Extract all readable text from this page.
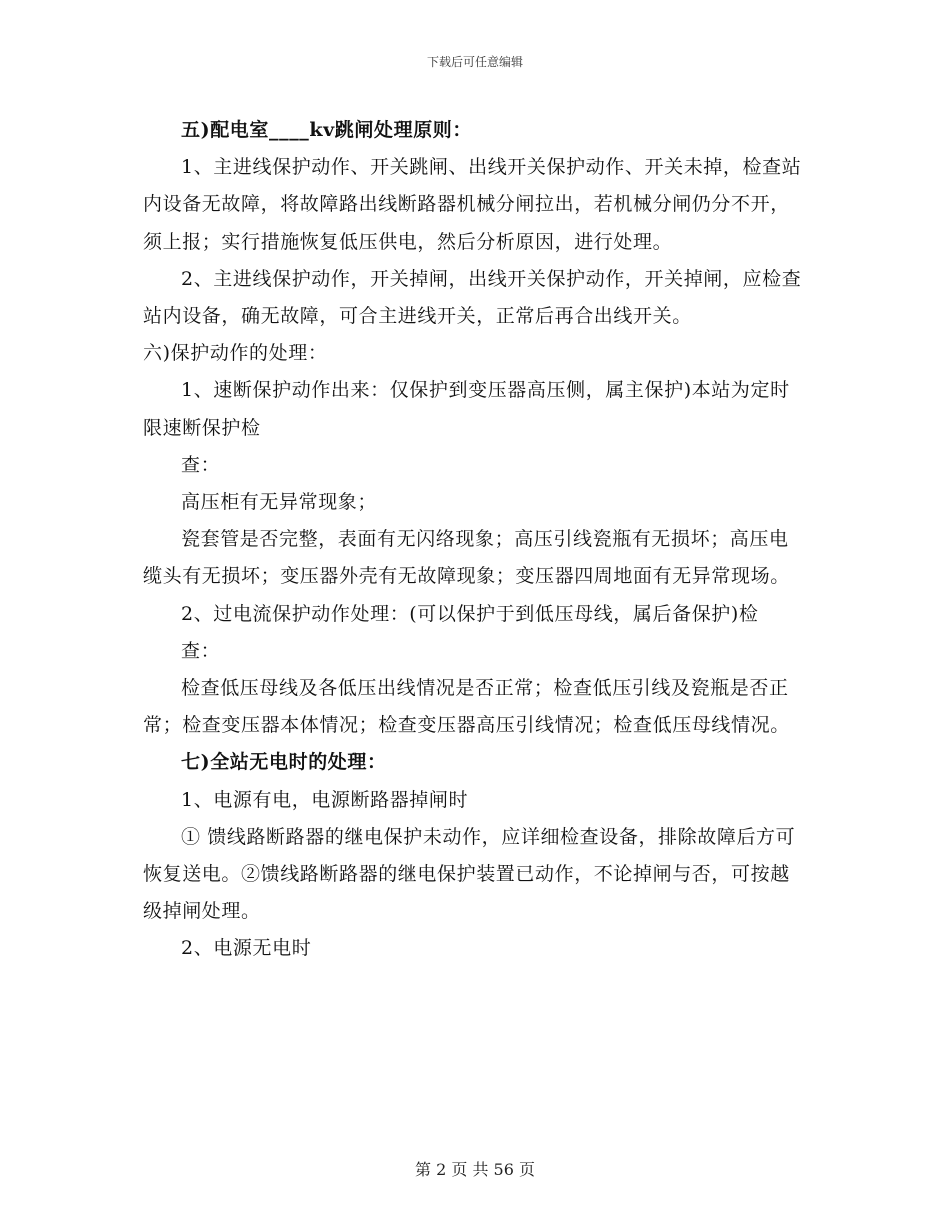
下载后可任意编辑

五)配电室____kv跳闸处理原则：

1、主进线保护动作、开关跳闸、出线开关保护动作、开关未掉，检查站内设备无故障，将故障路出线断路器机械分闸拉出，若机械分闸仍分不开，须上报；实行措施恢复低压供电，然后分析原因，进行处理。

2、主进线保护动作，开关掉闸，出线开关保护动作，开关掉闸，应检查站内设备，确无故障，可合主进线开关，正常后再合出线开关。

六)保护动作的处理：

1、速断保护动作出来：仅保护到变压器高压侧，属主保护)本站为定时限速断保护检

查：

高压柜有无异常现象；

瓷套管是否完整，表面有无闪络现象；高压引线瓷瓶有无损坏；高压电缆头有无损坏；变压器外壳有无故障现象；变压器四周地面有无异常现场。

2、过电流保护动作处理：(可以保护于到低压母线，属后备保护)检

查：

检查低压母线及各低压出线情况是否正常；检查低压引线及瓷瓶是否正常；检查变压器本体情况；检查变压器高压引线情况；检查低压母线情况。

七)全站无电时的处理：

1、电源有电，电源断路器掉闸时

① 馈线路断路器的继电保护未动作，应详细检查设备，排除故障后方可恢复送电。②馈线路断路器的继电保护装置已动作，不论掉闸与否，可按越级掉闸处理。

2、电源无电时

第 2 页 共 56 页
